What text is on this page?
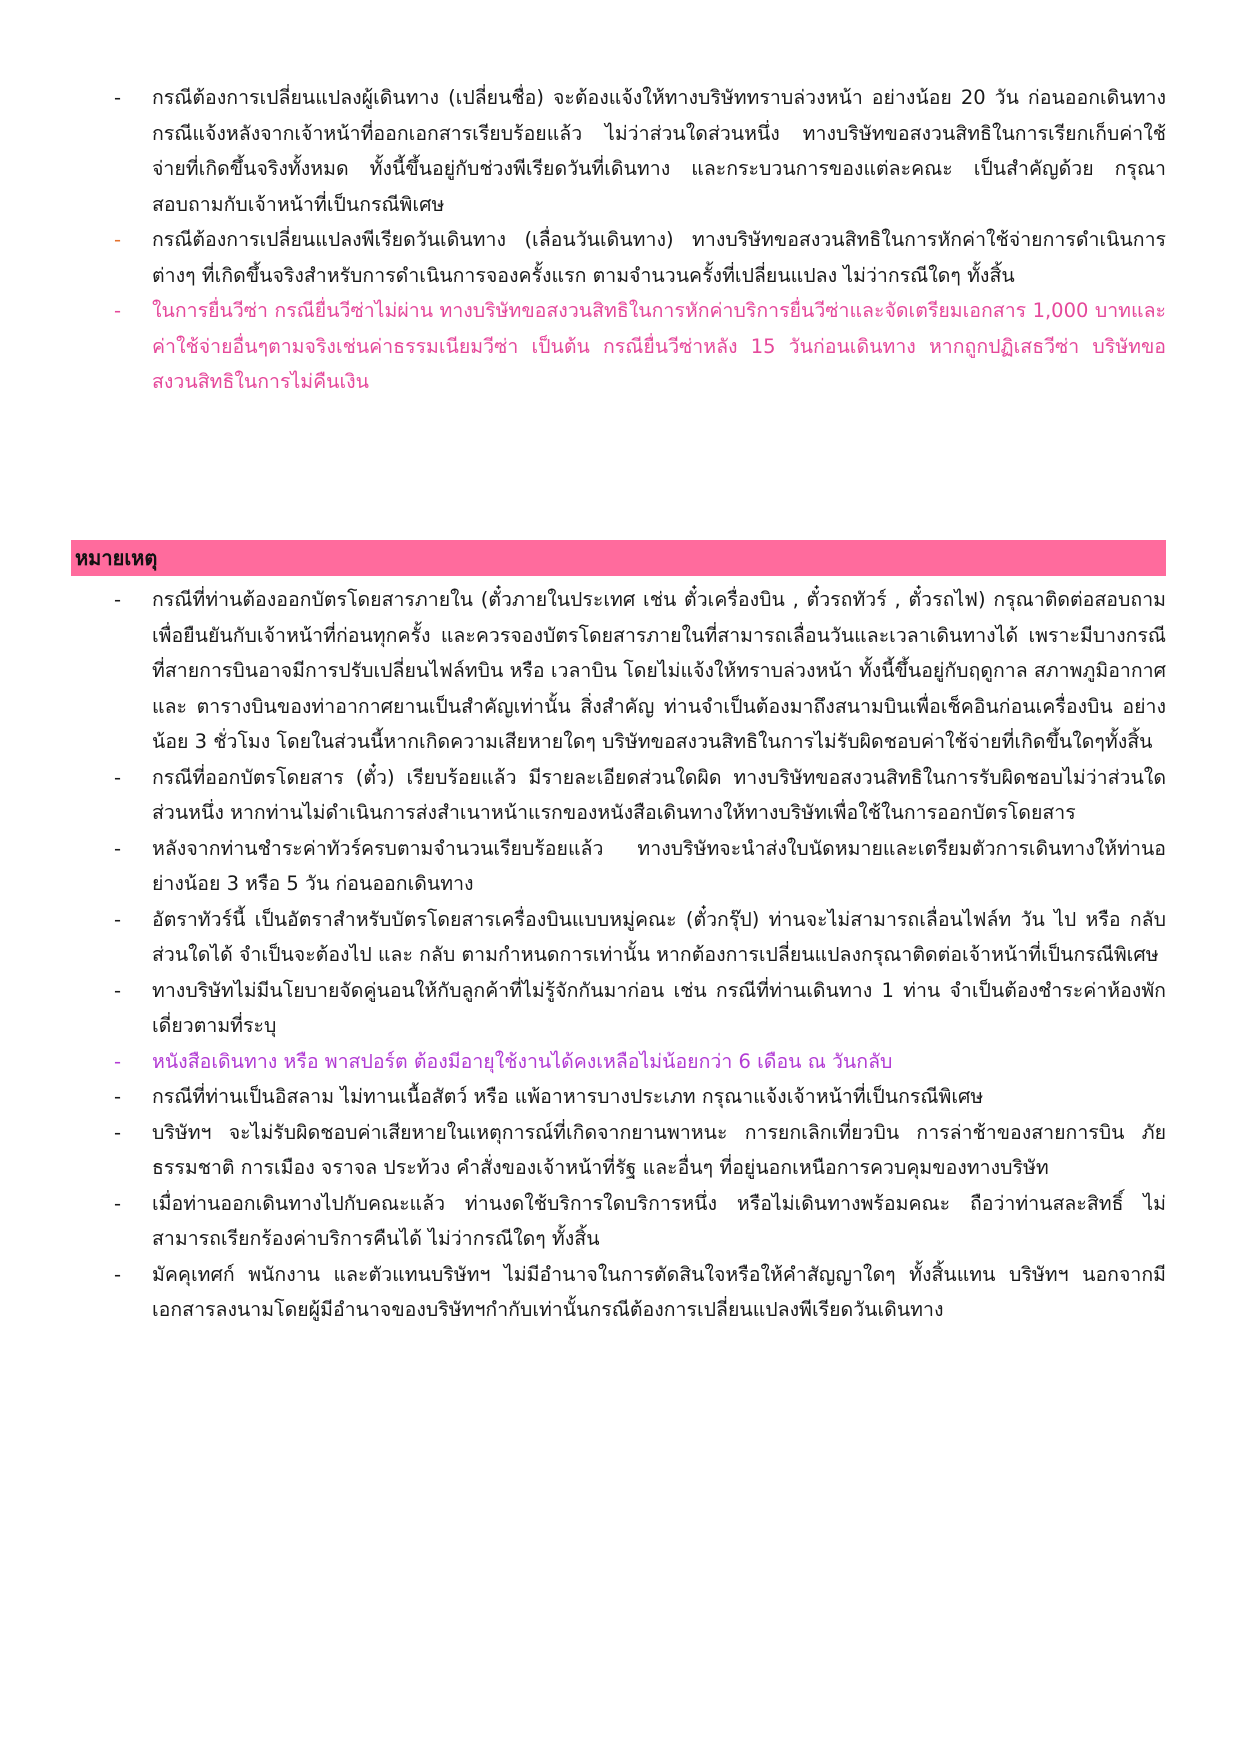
-	กรณีต้องการเปลี่ยนแปลงผู้เดินทาง (เปลี่ยนชื่อ) จะต้องแจ้งให้ทางบริษัททราบล่วงหน้า อย่างน้อย 20 วัน ก่อนออกเดินทาง กรณีแจ้งหลังจากเจ้าหน้าที่ออกเอกสารเรียบร้อยแล้ว ไม่ว่าส่วนใดส่วนหนึ่ง ทางบริษัทขอสงวนสิทธิในการเรียกเก็บค่าใช้จ่ายที่เกิดขึ้นจริงทั้งหมด ทั้งนี้ขึ้นอยู่กับช่วงพีเรียดวันที่เดินทาง และกระบวนการของแต่ละคณะ เป็นสำคัญด้วย กรุณาสอบถามกับเจ้าหน้าที่เป็นกรณีพิเศษ
-	กรณีต้องการเปลี่ยนแปลงพีเรียดวันเดินทาง (เลื่อนวันเดินทาง) ทางบริษัทขอสงวนสิทธิในการหักค่าใช้จ่ายการดำเนินการต่างๆ ที่เกิดขึ้นจริงสำหรับการดำเนินการจองครั้งแรก ตามจำนวนครั้งที่เปลี่ยนแปลง ไม่ว่ากรณีใดๆ ทั้งสิ้น
-	ในการยื่นวีซ่า กรณียื่นวีซ่าไม่ผ่าน ทางบริษัทขอสงวนสิทธิในการหักค่าบริการยื่นวีซ่าและจัดเตรียมเอกสาร 1,000 บาทและค่าใช้จ่ายอื่นๆตามจริงเช่นค่าธรรมเนียมวีซ่า เป็นต้น กรณียื่นวีซ่าหลัง 15 วันก่อนเดินทาง หากถูกปฏิเสธวีซ่า บริษัทขอสงวนสิทธิในการไม่คืนเงิน
หมายเหตุ
-	กรณีที่ท่านต้องออกบัตรโดยสารภายใน (ตั๋วภายในประเทศ เช่น ตั๋วเครื่องบิน , ตั๋วรถทัวร์ , ตั๋วรถไฟ) กรุณาติดต่อสอบถามเพื่อยืนยันกับเจ้าหน้าที่ก่อนทุกครั้ง และควรจองบัตรโดยสารภายในที่สามารถเลื่อนวันและเวลาเดินทางได้ เพราะมีบางกรณีที่สายการบินอาจมีการปรับเปลี่ยนไฟล์ทบิน หรือ เวลาบิน โดยไม่แจ้งให้ทราบล่วงหน้า ทั้งนี้ขึ้นอยู่กับฤดูกาล สภาพภูมิอากาศ และ ตารางบินของท่าอากาศยานเป็นสำคัญเท่านั้น สิ่งสำคัญ ท่านจำเป็นต้องมาถึงสนามบินเพื่อเช็คอินก่อนเครื่องบิน อย่างน้อย 3 ชั่วโมง โดยในส่วนนี้หากเกิดความเสียหายใดๆ บริษัทขอสงวนสิทธิในการไม่รับผิดชอบค่าใช้จ่ายที่เกิดขึ้นใดๆทั้งสิ้น
-	กรณีที่ออกบัตรโดยสาร (ตั๋ว) เรียบร้อยแล้ว มีรายละเอียดส่วนใดผิด ทางบริษัทขอสงวนสิทธิในการรับผิดชอบไม่ว่าส่วนใดส่วนหนึ่ง หากท่านไม่ดำเนินการส่งสำเนาหน้าแรกของหนังสือเดินทางให้ทางบริษัทเพื่อใช้ในการออกบัตรโดยสาร
-	หลังจากท่านชำระค่าทัวร์ครบตามจำนวนเรียบร้อยแล้ว ทางบริษัทจะนำส่งใบนัดหมายและเตรียมตัวการเดินทางให้ท่านอย่างน้อย 3 หรือ 5 วัน ก่อนออกเดินทาง
-	อัตราทัวร์นี้ เป็นอัตราสำหรับบัตรโดยสารเครื่องบินแบบหมู่คณะ (ตั๋วกรุ๊ป) ท่านจะไม่สามารถเลื่อนไฟล์ท วัน ไป หรือ กลับส่วนใดได้ จำเป็นจะต้องไป และ กลับ ตามกำหนดการเท่านั้น หากต้องการเปลี่ยนแปลงกรุณาติดต่อเจ้าหน้าที่เป็นกรณีพิเศษ
-	ทางบริษัทไม่มีนโยบายจัดคู่นอนให้กับลูกค้าที่ไม่รู้จักกันมาก่อน เช่น กรณีที่ท่านเดินทาง 1 ท่าน จำเป็นต้องชำระค่าห้องพักเดี่ยวตามที่ระบุ
-	หนังสือเดินทาง หรือ พาสปอร์ต ต้องมีอายุใช้งานได้คงเหลือไม่น้อยกว่า 6 เดือน ณ วันกลับ
-	กรณีที่ท่านเป็นอิสลาม ไม่ทานเนื้อสัตว์ หรือ แพ้อาหารบางประเภท กรุณาแจ้งเจ้าหน้าที่เป็นกรณีพิเศษ
-	บริษัทฯ จะไม่รับผิดชอบค่าเสียหายในเหตุการณ์ที่เกิดจากยานพาหนะ การยกเลิกเที่ยวบิน การล่าช้าของสายการบิน ภัยธรรมชาติ การเมือง จราจล ประท้วง คำสั่งของเจ้าหน้าที่รัฐ และอื่นๆ ที่อยู่นอกเหนือการควบคุมของทางบริษัท
-	เมื่อท่านออกเดินทางไปกับคณะแล้ว ท่านงดใช้บริการใดบริการหนึ่ง หรือไม่เดินทางพร้อมคณะ ถือว่าท่านสละสิทธิ์ ไม่สามารถเรียกร้องค่าบริการคืนได้ ไม่ว่ากรณีใดๆ ทั้งสิ้น
-	มัคคุเทศก์ พนักงาน และตัวแทนบริษัทฯ ไม่มีอำนาจในการตัดสินใจหรือให้คำสัญญาใดๆ ทั้งสิ้นแทน บริษัทฯ นอกจากมีเอกสารลงนามโดยผู้มีอำนาจของบริษัทฯกำกับเท่านั้นกรณีต้องการเปลี่ยนแปลงพีเรียดวันเดินทาง
